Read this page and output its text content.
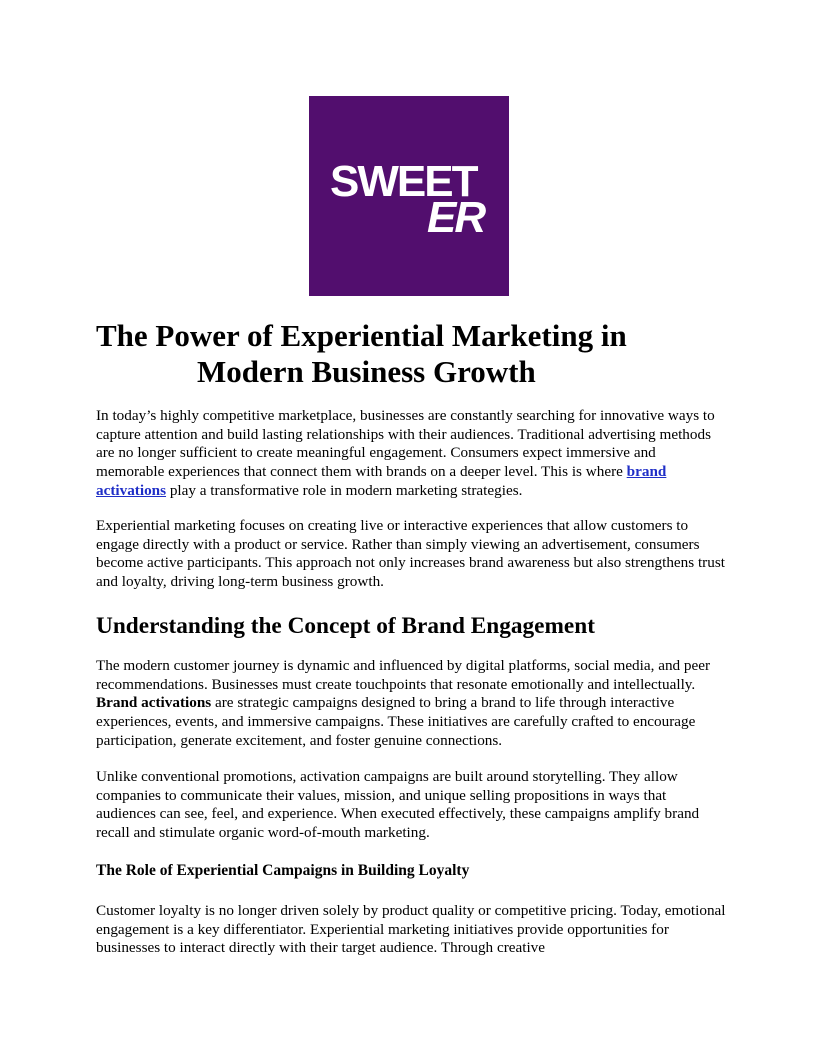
SWEET
ER
The Power of Experiential Marketing in
Modern Business Growth

In today’s highly competitive marketplace, businesses are constantly searching for innovative ways to capture attention and build lasting relationships with their audiences. Traditional advertising methods are no longer sufficient to create meaningful engagement. Consumers expect immersive and memorable experiences that connect them with brands on a deeper level. This is where brand activations play a transformative role in modern marketing strategies.

Experiential marketing focuses on creating live or interactive experiences that allow customers to engage directly with a product or service. Rather than simply viewing an advertisement, consumers become active participants. This approach not only increases brand awareness but also strengthens trust and loyalty, driving long-term business growth.

Understanding the Concept of Brand Engagement

The modern customer journey is dynamic and influenced by digital platforms, social media, and peer recommendations. Businesses must create touchpoints that resonate emotionally and intellectually. Brand activations are strategic campaigns designed to bring a brand to life through interactive experiences, events, and immersive campaigns. These initiatives are carefully crafted to encourage participation, generate excitement, and foster genuine connections.

Unlike conventional promotions, activation campaigns are built around storytelling. They allow companies to communicate their values, mission, and unique selling propositions in ways that audiences can see, feel, and experience. When executed effectively, these campaigns amplify brand recall and stimulate organic word-of-mouth marketing.

The Role of Experiential Campaigns in Building Loyalty

Customer loyalty is no longer driven solely by product quality or competitive pricing. Today, emotional engagement is a key differentiator. Experiential marketing initiatives provide opportunities for businesses to interact directly with their target audience. Through creative
